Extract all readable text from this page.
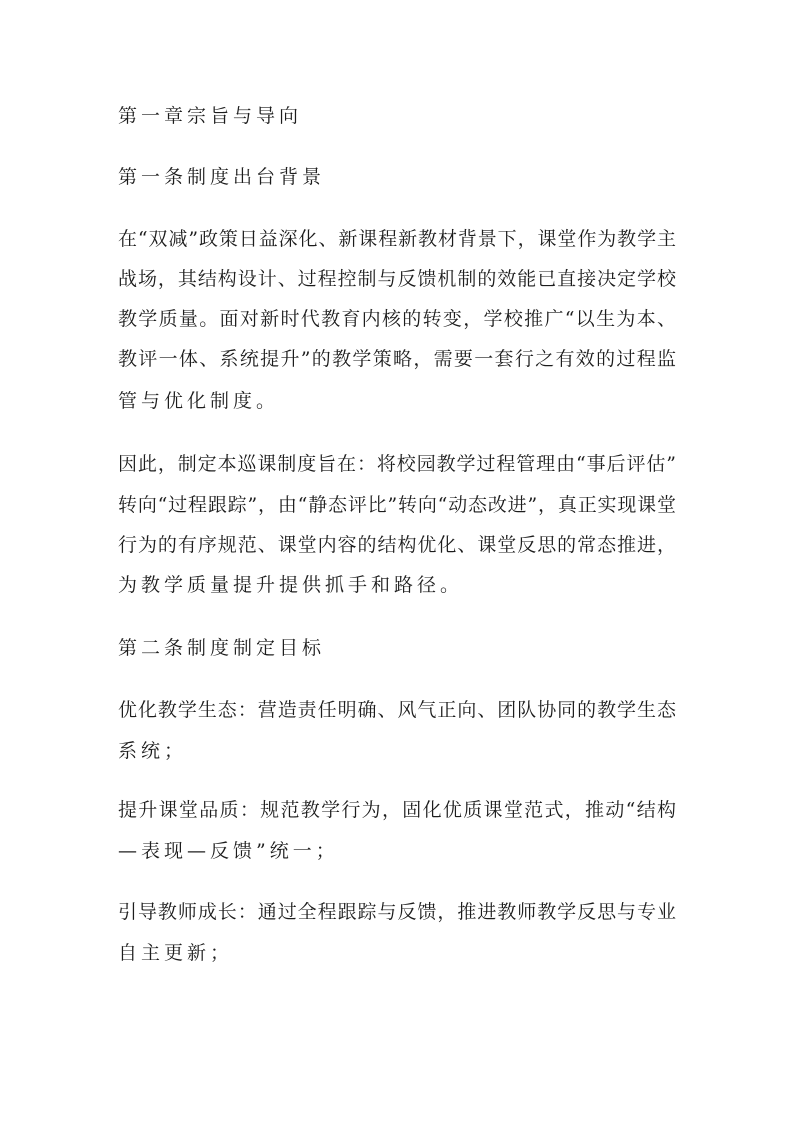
第一章宗旨与导向
第一条制度出台背景
在“双减”政策日益深化、新课程新教材背景下，课堂作为教学主
战场，其结构设计、过程控制与反馈机制的效能已直接决定学校
教学质量。面对新时代教育内核的转变，学校推广“以生为本、
教评一体、系统提升”的教学策略，需要一套行之有效的过程监
管与优化制度。
因此，制定本巡课制度旨在：将校园教学过程管理由“事后评估”
转向“过程跟踪”，由“静态评比”转向“动态改进”，真正实现课堂
行为的有序规范、课堂内容的结构优化、课堂反思的常态推进，
为教学质量提升提供抓手和路径。
第二条制度制定目标
优化教学生态：营造责任明确、风气正向、团队协同的教学生态
系统；
提升课堂品质：规范教学行为，固化优质课堂范式，推动“结构
—表现—反馈”统一；
引导教师成长：通过全程跟踪与反馈，推进教师教学反思与专业
自主更新；
